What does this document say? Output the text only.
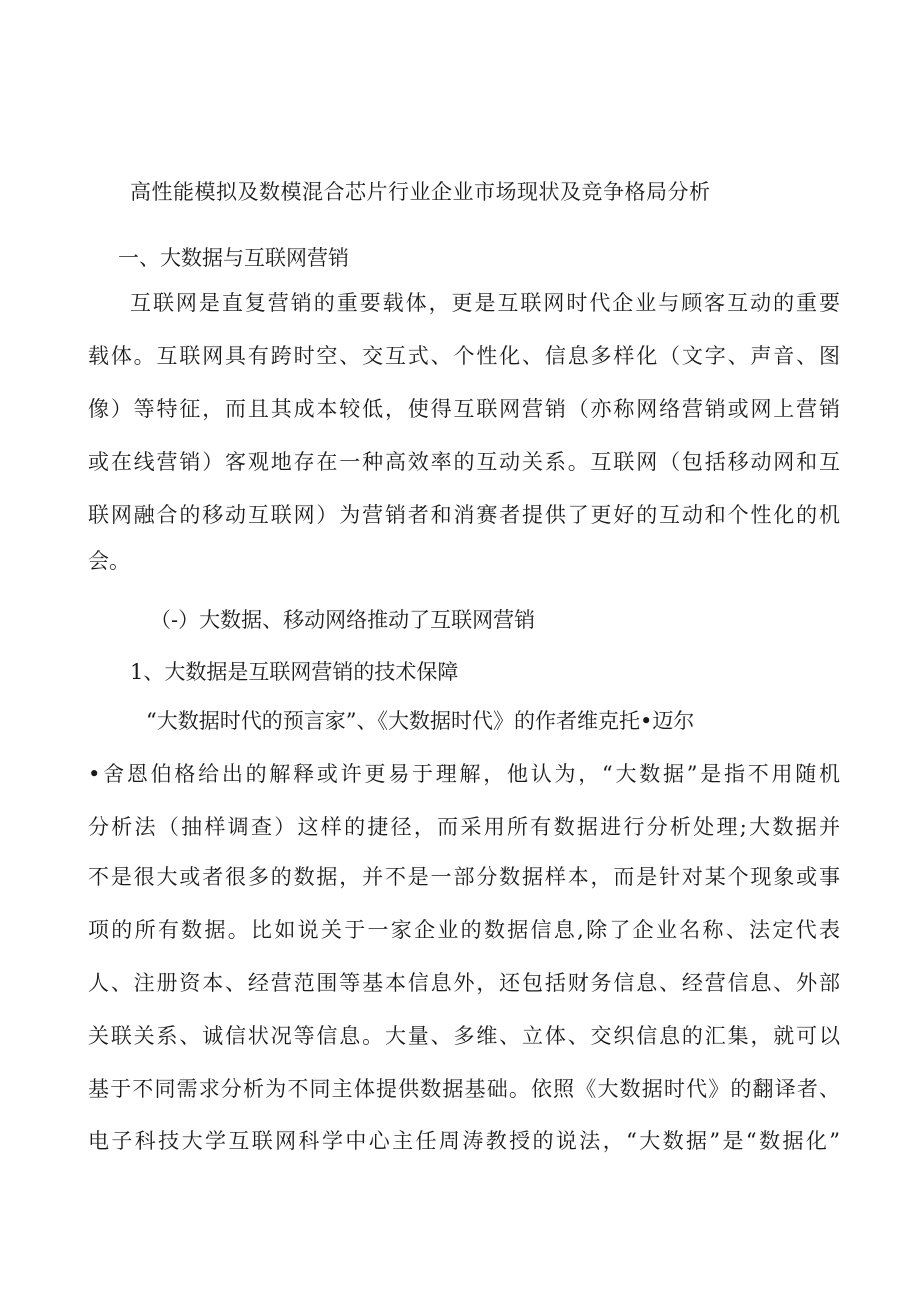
高性能模拟及数模混合芯片行业企业市场现状及竞争格局分析
一、大数据与互联网营销
互联网是直复营销的重要载体，更是互联网时代企业与顾客互动的重要
载体。互联网具有跨时空、交互式、个性化、信息多样化（文字、声音、图
像）等特征，而且其成本较低，使得互联网营销（亦称网络营销或网上营销
或在线营销）客观地存在一种高效率的互动关系。互联网（包括移动网和互
联网融合的移动互联网）为营销者和消赛者提供了更好的互动和个性化的机
会。
（-）大数据、移动网络推动了互联网营销
1、大数据是互联网营销的技术保障
“大数据时代的预言家”、《大数据时代》的作者维克托•迈尔
•舍恩伯格给出的解释或许更易于理解，他认为，“大数据”是指不用随机
分析法（抽样调查）这样的捷径，而采用所有数据进行分析处理;大数据并
不是很大或者很多的数据，并不是一部分数据样本，而是针对某个现象或事
项的所有数据。比如说关于一家企业的数据信息,除了企业名称、法定代表
人、注册资本、经营范围等基本信息外，还包括财务信息、经营信息、外部
关联关系、诚信状况等信息。大量、多维、立体、交织信息的汇集，就可以
基于不同需求分析为不同主体提供数据基础。依照《大数据时代》的翻译者、
电子科技大学互联网科学中心主任周涛教授的说法，“大数据”是“数据化”
